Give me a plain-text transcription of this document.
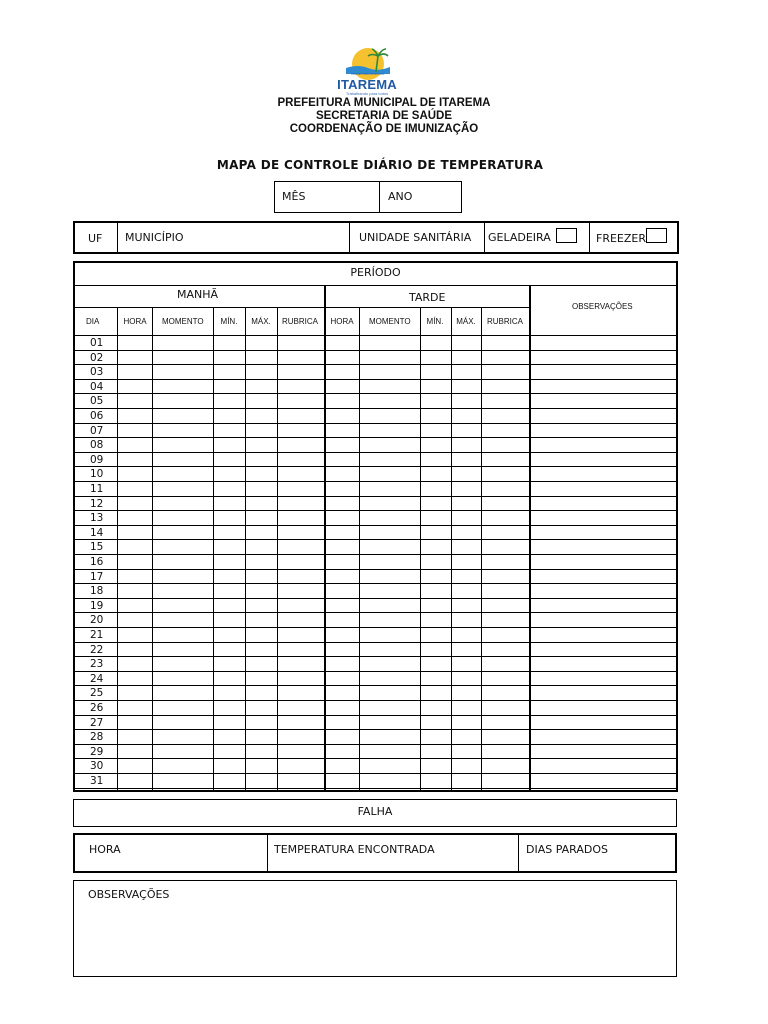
PREFEITURA MUNICIPAL
ITAREMA
Trabalhando para todos
PREFEITURA MUNICIPAL DE ITAREMA
SECRETARIA DE SAÚDE
COORDENAÇÃO DE IMUNIZAÇÃO
MAPA DE CONTROLE DIÁRIO DE TEMPERATURA
MÊS	ANO
UF MUNICÍPIO	UNIDADE SANITÁRIA GELADEIRA	FREEZER
PERÍODO
MANHÃ	TARDE
OBSERVAÇÕES
DIA	HORA	MOMENTO	MÍN.	MÁX.	RUBRICA	HORA	MOMENTO	MÍN.	MÁX.	RUBRICA
01
02
03
04
05
06
07
08
09
10
11
12
13
14
15
16
17
18
19
20
21
22
23
24
25
26
27
28
29
30
31
FALHA
HORA	TEMPERATURA ENCONTRADA	DIAS PARADOS
OBSERVAÇÕES
